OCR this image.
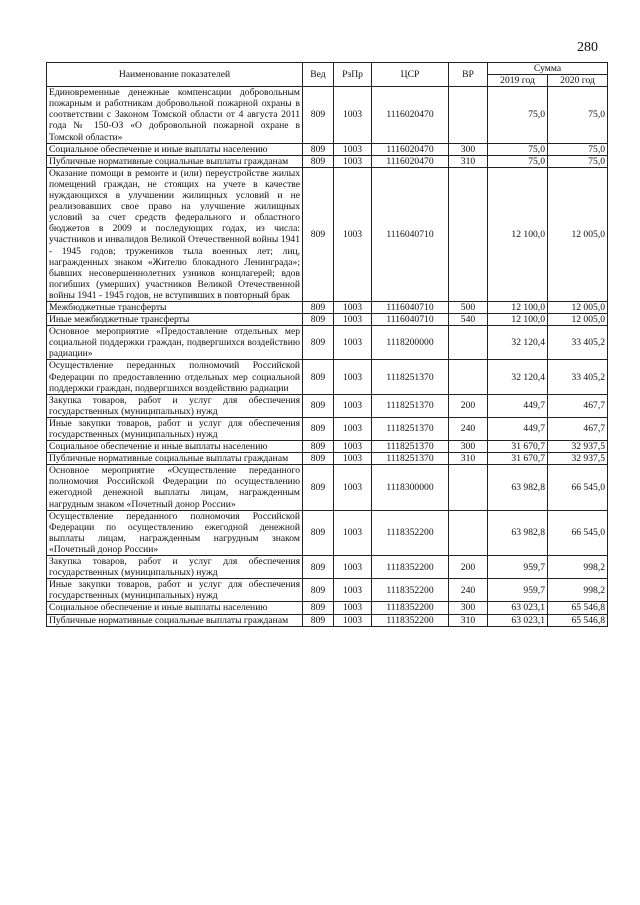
280
Наименование показателей	Вед	РзПр	ЦСР	ВР	Сумма	
					2019 год	2020 год
Единовременные денежные компенсации добровольным пожарным и работникам добровольной пожарной охраны в соответствии с Законом Томской области от 4 августа 2011 года № 150-ОЗ «О добровольной пожарной охране в Томской области»	809	1003	1116020470		75,0	75,0
Социальное обеспечение и иные выплаты населению	809	1003	1116020470	300	75,0	75,0
Публичные нормативные социальные выплаты гражданам	809	1003	1116020470	310	75,0	75,0
Оказание помощи в ремонте и (или) переустройстве жилых помещений граждан, не стоящих на учете в качестве нуждающихся в улучшении жилищных условий и не реализовавших свое право на улучшение жилищных условий за счет средств федерального и областного бюджетов в 2009 и последующих годах, из числа: участников и инвалидов Великой Отечественной войны 1941 - 1945 годов; тружеников тыла военных лет; лиц, награжденных знаком «Жителю блокадного Ленинграда»; бывших несовершеннолетних узников концлагерей; вдов погибших (умерших) участников Великой Отечественной войны 1941 - 1945 годов, не вступивших в повторный брак	809	1003	1116040710		12 100,0	12 005,0
Межбюджетные трансферты	809	1003	1116040710	500	12 100,0	12 005,0
Иные межбюджетные трансферты	809	1003	1116040710	540	12 100,0	12 005,0
Основное мероприятие «Предоставление отдельных мер социальной поддержки граждан, подвергшихся воздействию радиации»	809	1003	1118200000		32 120,4	33 405,2
Осуществление переданных полномочий Российской Федерации по предоставлению отдельных мер социальной поддержки граждан, подвергшихся воздействию радиации	809	1003	1118251370		32 120,4	33 405,2
Закупка товаров, работ и услуг для обеспечения государственных (муниципальных) нужд	809	1003	1118251370	200	449,7	467,7
Иные закупки товаров, работ и услуг для обеспечения государственных (муниципальных) нужд	809	1003	1118251370	240	449,7	467,7
Социальное обеспечение и иные выплаты населению	809	1003	1118251370	300	31 670,7	32 937,5
Публичные нормативные социальные выплаты гражданам	809	1003	1118251370	310	31 670,7	32 937,5
Основное мероприятие «Осуществление переданного полномочия Российской Федерации по осуществлению ежегодной денежной выплаты лицам, награжденным нагрудным знаком «Почетный донор России»	809	1003	1118300000		63 982,8	66 545,0
Осуществление переданного полномочия Российской Федерации по осуществлению ежегодной денежной выплаты лицам, награжденным нагрудным знаком «Почетный донор России»	809	1003	1118352200		63 982,8	66 545,0
Закупка товаров, работ и услуг для обеспечения государственных (муниципальных) нужд	809	1003	1118352200	200	959,7	998,2
Иные закупки товаров, работ и услуг для обеспечения государственных (муниципальных) нужд	809	1003	1118352200	240	959,7	998,2
Социальное обеспечение и иные выплаты населению	809	1003	1118352200	300	63 023,1	65 546,8
Публичные нормативные социальные выплаты гражданам	809	1003	1118352200	310	63 023,1	65 546,8
